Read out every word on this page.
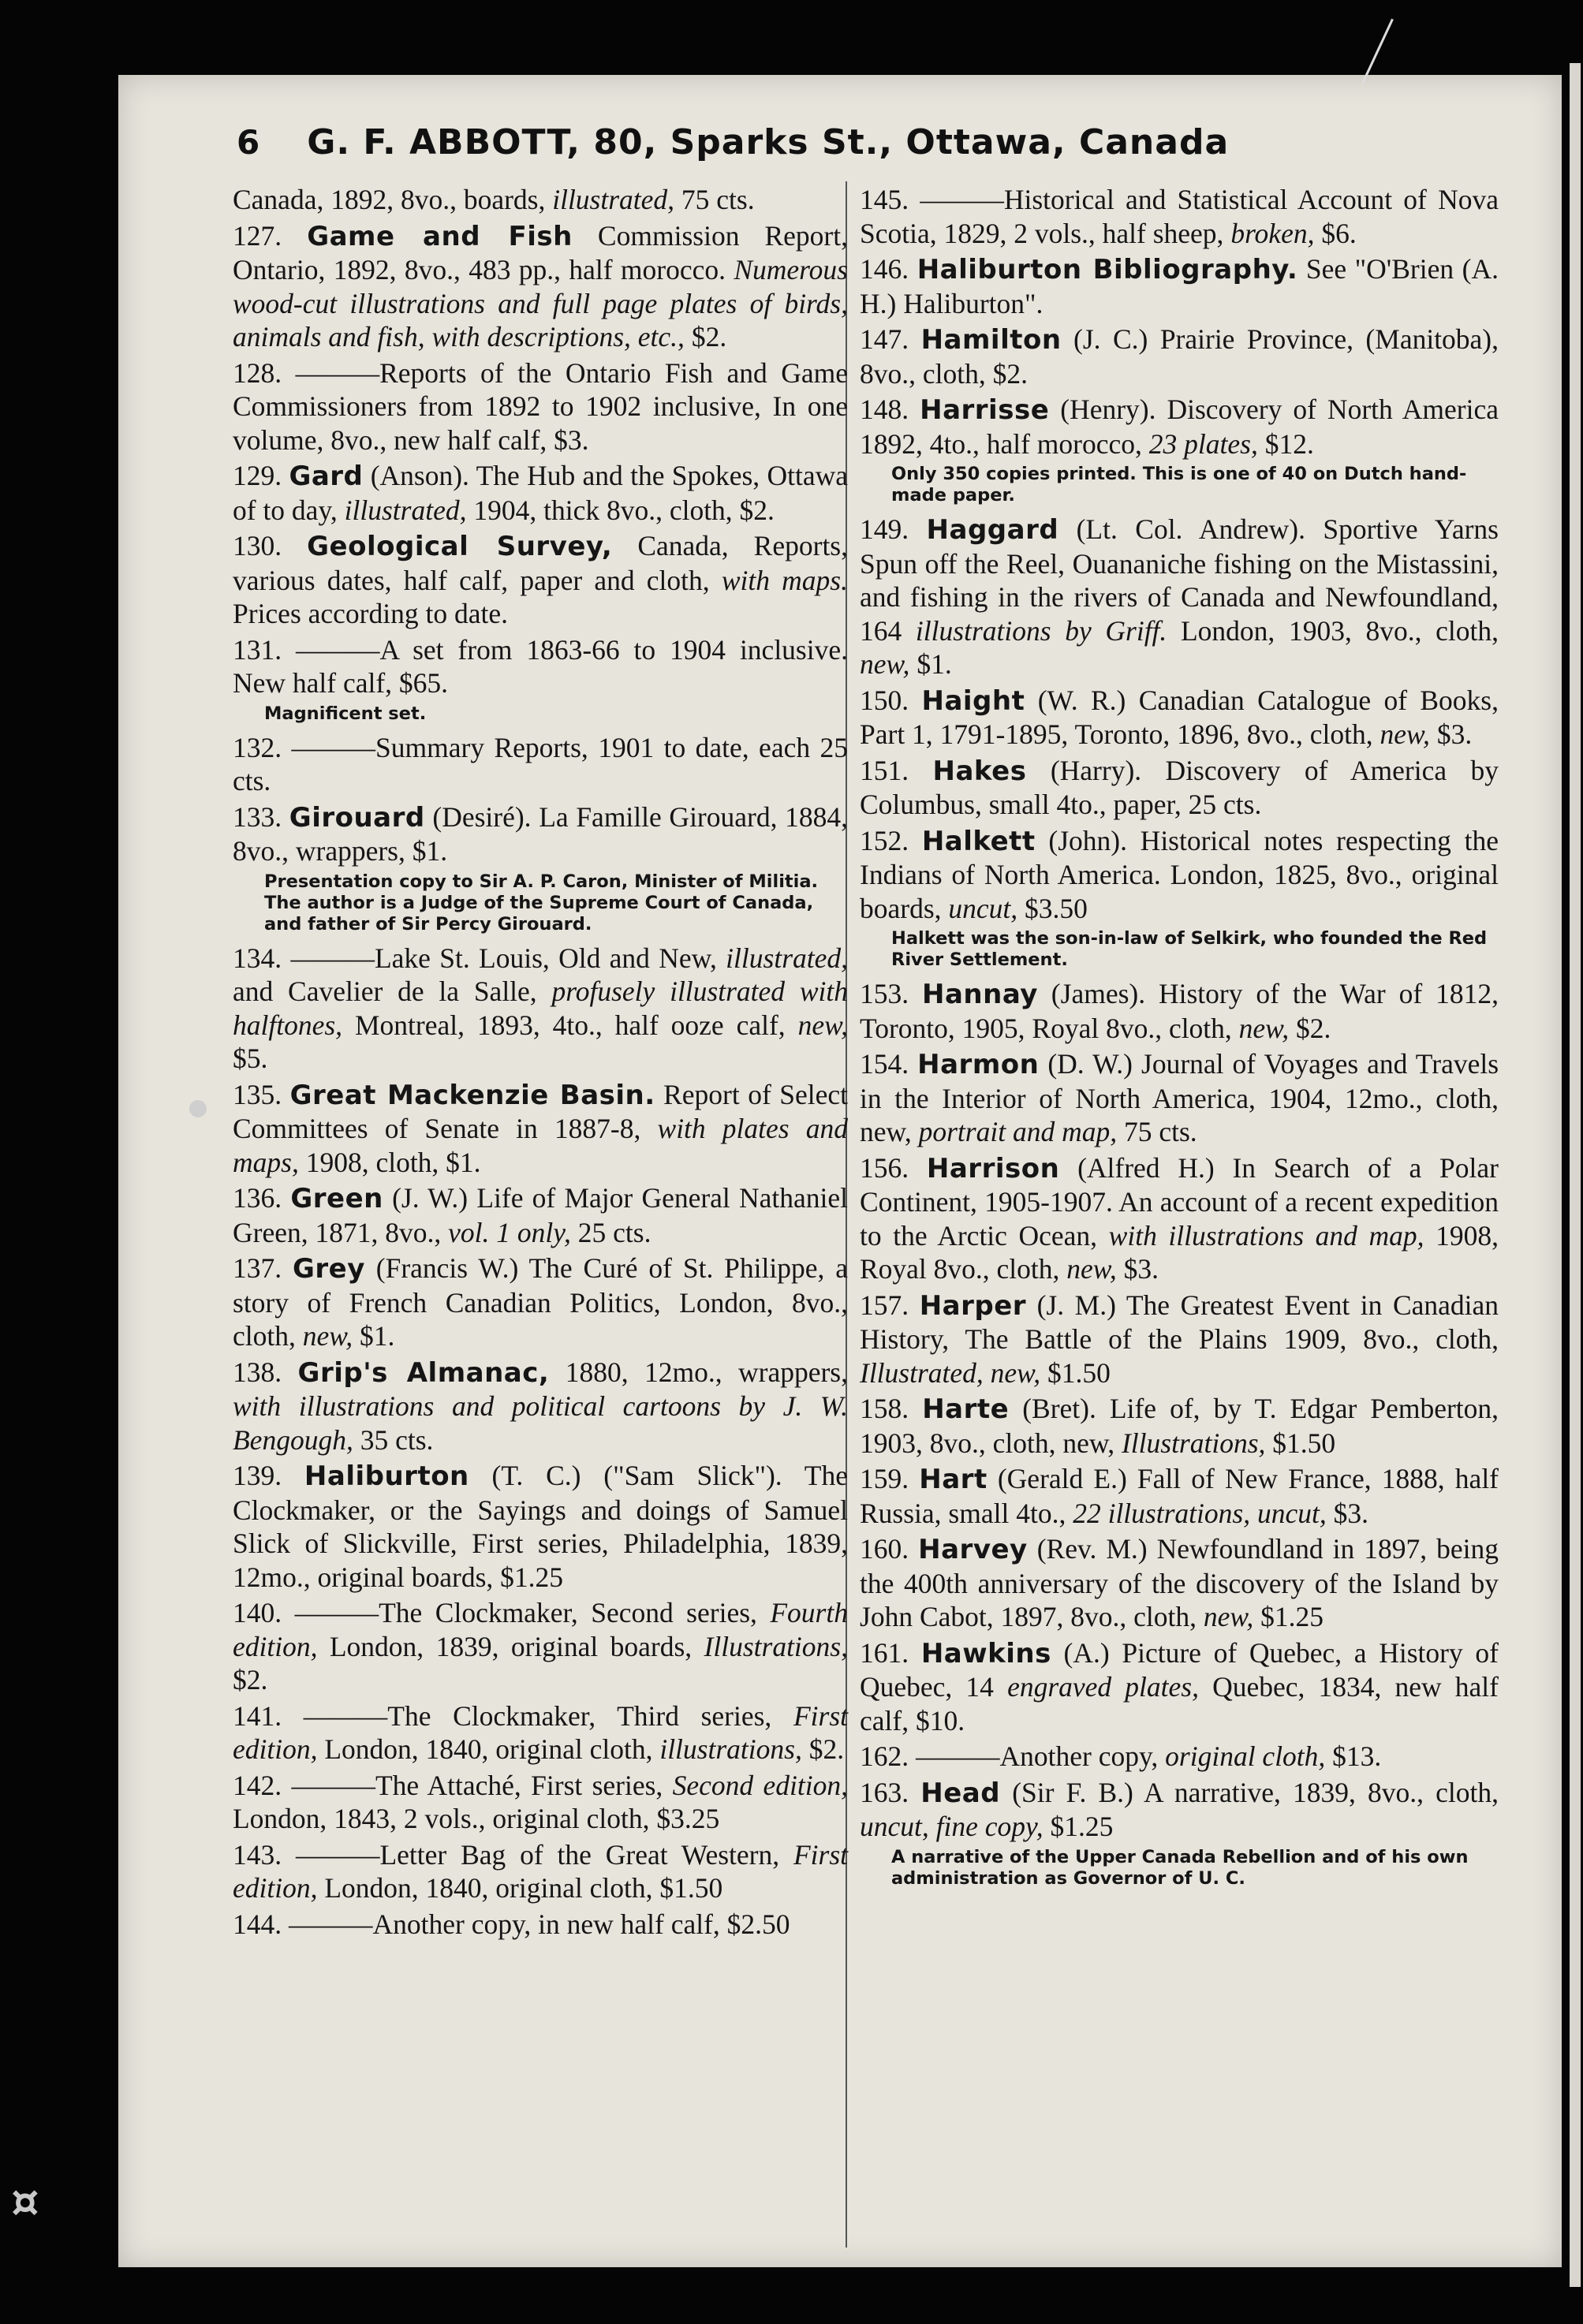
6 G. F. ABBOTT, 80, Sparks St., Ottawa, Canada
Canada, 1892, 8vo., boards, illustrated, 75 cts.
127. Game and Fish Commission Report, Ontario, 1892, 8vo., 483 pp., half morocco. Numerous wood-cut illustrations and full page plates of birds, animals and fish, with descriptions, etc., $2.
128. ———Reports of the Ontario Fish and Game Commissioners from 1892 to 1902 inclusive, In one volume, 8vo., new half calf, $3.
129. Gard (Anson). The Hub and the Spokes, Ottawa of to day, illustrated, 1904, thick 8vo., cloth, $2.
130. Geological Survey, Canada, Reports, various dates, half calf, paper and cloth, with maps. Prices according to date.
131. ———A set from 1863-66 to 1904 inclusive. New half calf, $65.
Magnificent set.
132. ———Summary Reports, 1901 to date, each 25 cts.
133. Girouard (Desiré). La Famille Girouard, 1884, 8vo., wrappers, $1.
Presentation copy to Sir A. P. Caron, Minister of Militia. The author is a Judge of the Supreme Court of Canada, and father of Sir Percy Girouard.
134. ———Lake St. Louis, Old and New, illustrated, and Cavelier de la Salle, profusely illustrated with halftones, Montreal, 1893, 4to., half ooze calf, new, $5.
135. Great Mackenzie Basin. Report of Select Committees of Senate in 1887-8, with plates and maps, 1908, cloth, $1.
136. Green (J. W.) Life of Major General Nathaniel Green, 1871, 8vo., vol. 1 only, 25 cts.
137. Grey (Francis W.) The Curé of St. Philippe, a story of French Canadian Politics, London, 8vo., cloth, new, $1.
138. Grip's Almanac, 1880, 12mo., wrappers, with illustrations and political cartoons by J. W. Bengough, 35 cts.
139. Haliburton (T. C.) ("Sam Slick"). The Clockmaker, or the Sayings and doings of Samuel Slick of Slickville, First series, Philadelphia, 1839, 12mo., original boards, $1.25
140. ———The Clockmaker, Second series, Fourth edition, London, 1839, original boards, Illustrations, $2.
141. ———The Clockmaker, Third series, First edition, London, 1840, original cloth, illustrations, $2.
142. ———The Attaché, First series, Second edition, London, 1843, 2 vols., original cloth, $3.25
143. ———Letter Bag of the Great Western, First edition, London, 1840, original cloth, $1.50
144. ———Another copy, in new half calf, $2.50
145. ———Historical and Statistical Account of Nova Scotia, 1829, 2 vols., half sheep, broken, $6.
146. Haliburton Bibliography. See "O'Brien (A. H.) Haliburton".
147. Hamilton (J. C.) Prairie Province, (Manitoba), 8vo., cloth, $2.
148. Harrisse (Henry). Discovery of North America 1892, 4to., half morocco, 23 plates, $12.
Only 350 copies printed. This is one of 40 on Dutch hand-made paper.
149. Haggard (Lt. Col. Andrew). Sportive Yarns Spun off the Reel, Ouananiche fishing on the Mistassini, and fishing in the rivers of Canada and Newfoundland, 164 illustrations by Griff. London, 1903, 8vo., cloth, new, $1.
150. Haight (W. R.) Canadian Catalogue of Books, Part 1, 1791-1895, Toronto, 1896, 8vo., cloth, new, $3.
151. Hakes (Harry). Discovery of America by Columbus, small 4to., paper, 25 cts.
152. Halkett (John). Historical notes respecting the Indians of North America. London, 1825, 8vo., original boards, uncut, $3.50
Halkett was the son-in-law of Selkirk, who founded the Red River Settlement.
153. Hannay (James). History of the War of 1812, Toronto, 1905, Royal 8vo., cloth, new, $2.
154. Harmon (D. W.) Journal of Voyages and Travels in the Interior of North America, 1904, 12mo., cloth, new, portrait and map, 75 cts.
156. Harrison (Alfred H.) In Search of a Polar Continent, 1905-1907. An account of a recent expedition to the Arctic Ocean, with illustrations and map, 1908, Royal 8vo., cloth, new, $3.
157. Harper (J. M.) The Greatest Event in Canadian History, The Battle of the Plains 1909, 8vo., cloth, Illustrated, new, $1.50
158. Harte (Bret). Life of, by T. Edgar Pemberton, 1903, 8vo., cloth, new, Illustrations, $1.50
159. Hart (Gerald E.) Fall of New France, 1888, half Russia, small 4to., 22 illustrations, uncut, $3.
160. Harvey (Rev. M.) Newfoundland in 1897, being the 400th anniversary of the discovery of the Island by John Cabot, 1897, 8vo., cloth, new, $1.25
161. Hawkins (A.) Picture of Quebec, a History of Quebec, 14 engraved plates, Quebec, 1834, new half calf, $10.
162. ———Another copy, original cloth, $13.
163. Head (Sir F. B.) A narrative, 1839, 8vo., cloth, uncut, fine copy, $1.25
A narrative of the Upper Canada Rebellion and of his own administration as Governor of U. C.
¤
